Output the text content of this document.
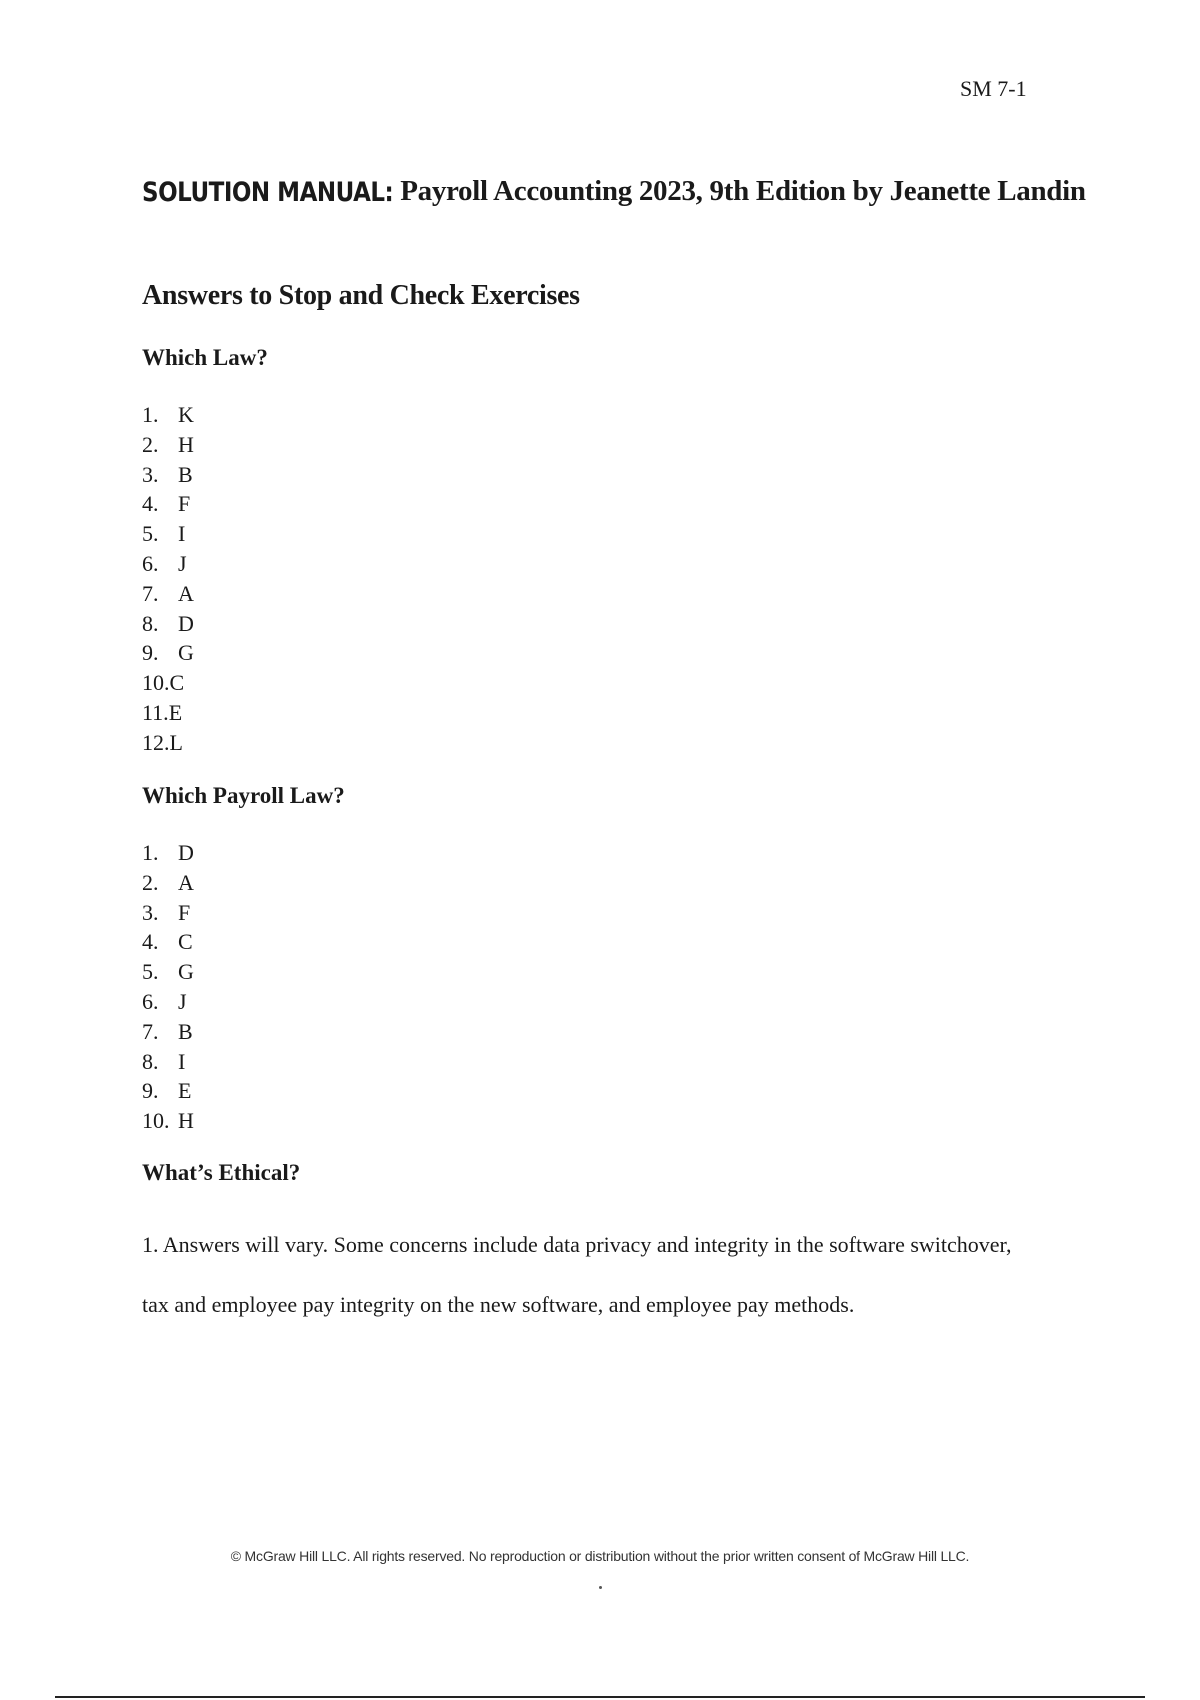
SM 7-1
SOLUTION MANUAL: Payroll Accounting 2023, 9th Edition by Jeanette Landin
Answers to Stop and Check Exercises
Which Law?
1. K
2. H
3. B
4. F
5. I
6. J
7. A
8. D
9. G
10.C
11.E
12.L
Which Payroll Law?
1. D
2. A
3. F
4. C
5. G
6. J
7. B
8. I
9. E
10. H
What’s Ethical?

1. Answers will vary. Some concerns include data privacy and integrity in the software switchover, tax and employee pay integrity on the new software, and employee pay methods.

© McGraw Hill LLC. All rights reserved. No reproduction or distribution without the prior written consent of McGraw Hill LLC.
